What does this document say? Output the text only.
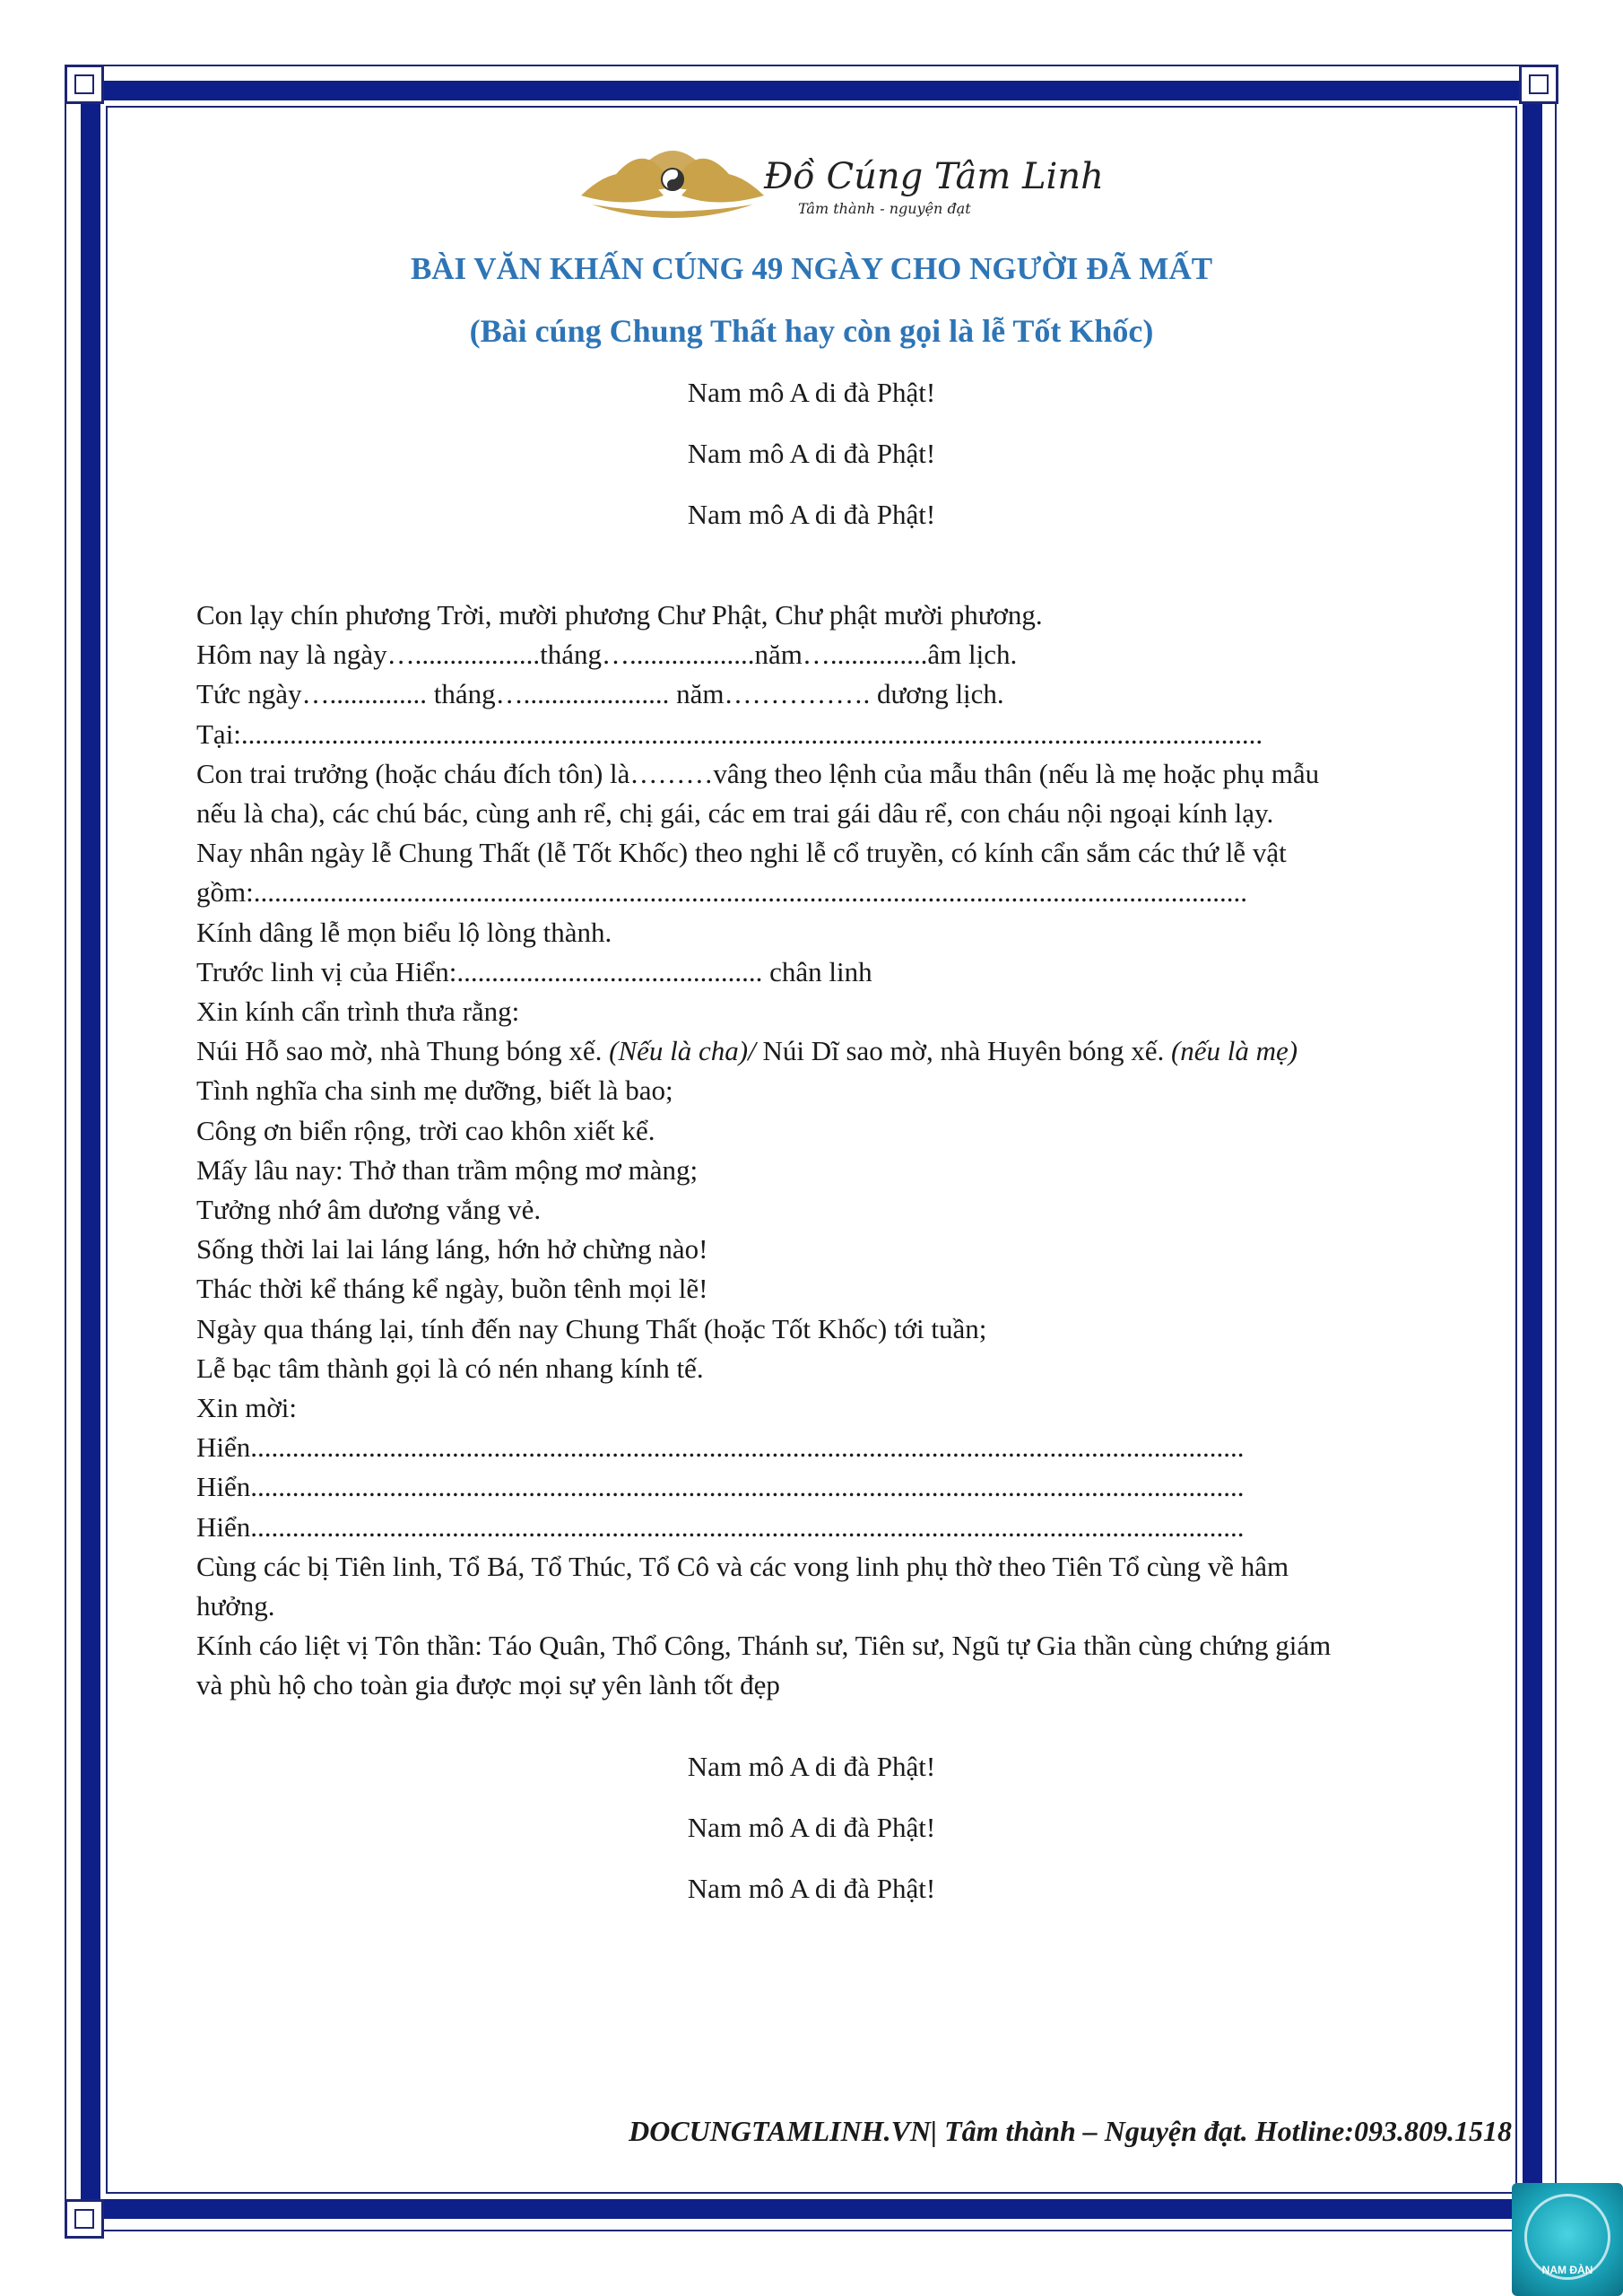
Đồ Cúng Tâm Linh
Tâm thành - nguyện đạt
BÀI VĂN KHẤN CÚNG 49 NGÀY CHO NGƯỜI ĐÃ MẤT
(Bài cúng Chung Thất hay còn gọi là lễ Tốt Khốc)
Nam mô A di đà Phật!
Nam mô A di đà Phật!
Nam mô A di đà Phật!
Con lạy chín phương Trời, mười phương Chư Phật, Chư phật mười phương.
Hôm nay là ngày…..................tháng…..................năm…..............âm lịch.
Tức ngày….............. tháng…..................... năm……………. dương lịch.
Tại:...................................................................................................................................................
Con trai trưởng (hoặc cháu đích tôn) là………vâng theo lệnh của mẫu thân (nếu là mẹ hoặc phụ mẫu
nếu là cha), các chú bác, cùng anh rể, chị gái, các em trai gái dâu rể, con cháu nội ngoại kính lạy.
Nay nhân ngày lễ Chung Thất (lễ Tốt Khốc) theo nghi lễ cổ truyền, có kính cẩn sắm các thứ lễ vật
gồm:...............................................................................................................................................
Kính dâng lễ mọn biểu lộ lòng thành.
Trước linh vị của Hiển:............................................ chân linh
Xin kính cẩn trình thưa rằng:
Núi Hỗ sao mờ, nhà Thung bóng xế. (Nếu là cha)/ Núi Dĩ sao mờ, nhà Huyên bóng xế. (nếu là mẹ)
Tình nghĩa cha sinh mẹ dưỡng, biết là bao;
Công ơn biển rộng, trời cao khôn xiết kể.
Mấy lâu nay: Thở than trầm mộng mơ màng;
Tưởng nhớ âm dương vắng vẻ.
Sống thời lai lai láng láng, hớn hở chừng nào!
Thác thời kể tháng kể ngày, buồn tênh mọi lẽ!
Ngày qua tháng lại, tính đến nay Chung Thất (hoặc Tốt Khốc) tới tuần;
Lễ bạc tâm thành gọi là có nén nhang kính tế.
Xin mời:
Hiển...............................................................................................................................................
Hiển...............................................................................................................................................
Hiển...............................................................................................................................................
Cùng các bị Tiên linh, Tổ Bá, Tổ Thúc, Tổ Cô và các vong linh phụ thờ theo Tiên Tổ cùng về hâm
hưởng.
Kính cáo liệt vị Tôn thần: Táo Quân, Thổ Công, Thánh sư, Tiên sư, Ngũ tự Gia thần cùng chứng giám
và phù hộ cho toàn gia được mọi sự yên lành tốt đẹp
Nam mô A di đà Phật!
Nam mô A di đà Phật!
Nam mô A di đà Phật!
DOCUNGTAMLINH.VN| Tâm thành – Nguyện đạt. Hotline:093.809.1518
NAM ĐÀN
